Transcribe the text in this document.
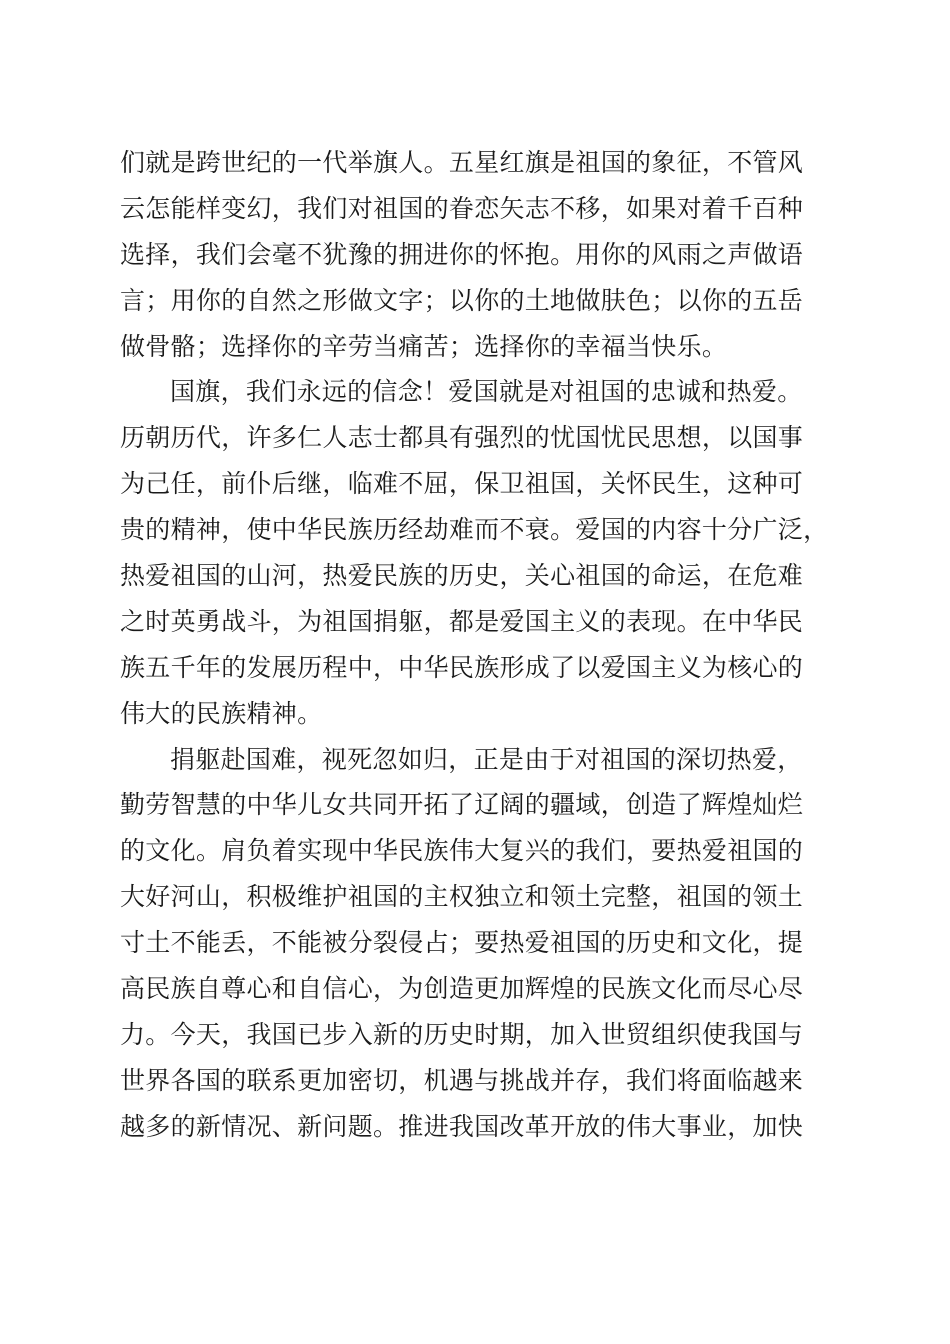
们就是跨世纪的一代举旗人。五星红旗是祖国的象征，不管风
云怎能样变幻，我们对祖国的眷恋矢志不移，如果对着千百种
选择，我们会毫不犹豫的拥进你的怀抱。用你的风雨之声做语
言；用你的自然之形做文字；以你的土地做肤色；以你的五岳
做骨骼；选择你的辛劳当痛苦；选择你的幸福当快乐。
国旗，我们永远的信念！爱国就是对祖国的忠诚和热爱。
历朝历代，许多仁人志士都具有强烈的忧国忧民思想，以国事
为己任，前仆后继，临难不屈，保卫祖国，关怀民生，这种可
贵的精神，使中华民族历经劫难而不衰。爱国的内容十分广泛，
热爱祖国的山河，热爱民族的历史，关心祖国的命运，在危难
之时英勇战斗，为祖国捐躯，都是爱国主义的表现。在中华民
族五千年的发展历程中，中华民族形成了以爱国主义为核心的
伟大的民族精神。
捐躯赴国难，视死忽如归，正是由于对祖国的深切热爱，
勤劳智慧的中华儿女共同开拓了辽阔的疆域，创造了辉煌灿烂
的文化。肩负着实现中华民族伟大复兴的我们，要热爱祖国的
大好河山，积极维护祖国的主权独立和领土完整，祖国的领土
寸土不能丢，不能被分裂侵占；要热爱祖国的历史和文化，提
高民族自尊心和自信心，为创造更加辉煌的民族文化而尽心尽
力。今天，我国已步入新的历史时期，加入世贸组织使我国与
世界各国的联系更加密切，机遇与挑战并存，我们将面临越来
越多的新情况、新问题。推进我国改革开放的伟大事业，加快
